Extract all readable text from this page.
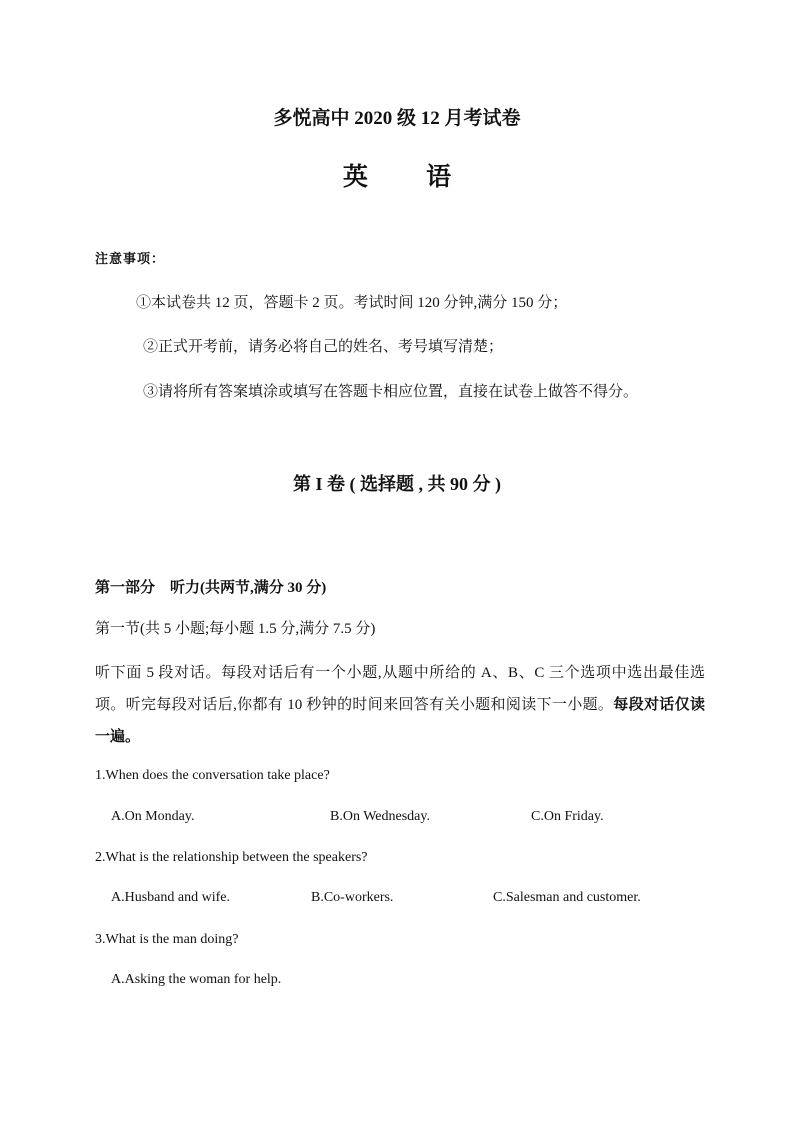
多悦高中 2020 级 12 月考试卷
英 语
注意事项：
①本试卷共 12 页，答题卡 2 页。考试时间 120 分钟,满分 150 分；
②正式开考前，请务必将自己的姓名、考号填写清楚；
③请将所有答案填涂或填写在答题卡相应位置，直接在试卷上做答不得分。
第 I 卷 ( 选择题 , 共 90 分 )
第一部分　听力(共两节,满分 30 分)
第一节(共 5 小题;每小题 1.5 分,满分 7.5 分)
听下面 5 段对话。每段对话后有一个小题,从题中所给的 A、B、C 三个选项中选出最佳选项。听完每段对话后,你都有 10 秒钟的时间来回答有关小题和阅读下一小题。每段对话仅读一遍。
1.When does the conversation take place?
A.On Monday.	B.On Wednesday.	C.On Friday.
2.What is the relationship between the speakers?
A.Husband and wife.	B.Co-workers.	C.Salesman and customer.
3.What is the man doing?
A.Asking the woman for help.
